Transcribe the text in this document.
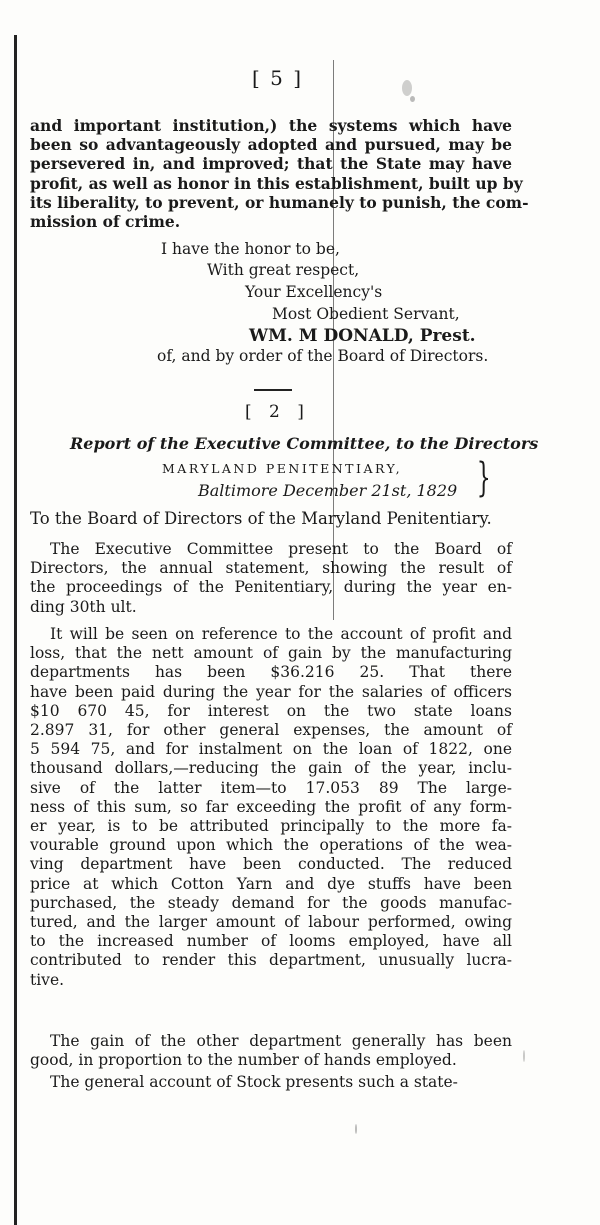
[ 5 ]
and important institution,) the systems which have
been so advantageously adopted and pursued, may be
persevered in, and improved; that the State may have
profit, as well as honor in this establishment, built up by
its liberality, to prevent, or humanely to punish, the com-
mission of crime.
I have the honor to be,
With great respect,
Your Excellency's
Most Obedient Servant,
WM. M DONALD, Prest.
of, and by order of the Board of Directors.
[ 2 ]
Report of the Executive Committee, to the Directors
MARYLAND PENITENTIARY,
Baltimore December 21st, 1829 }
To the Board of Directors of the Maryland Penitentiary.
The Executive Committee present to the Board of
Directors, the annual statement, showing the result of
the proceedings of the Penitentiary, during the year en-
ding 30th ult.
It will be seen on reference to the account of profit and
loss, that the nett amount of gain by the manufacturing
departments has been $36.216 25. That there
have been paid during the year for the salaries of officers
$10 670 45, for interest on the two state loans
2.897 31, for other general expenses, the amount of
5 594 75, and for instalment on the loan of 1822, one
thousand dollars,—reducing the gain of the year, inclu-
sive of the latter item—to 17.053 89 The large-
ness of this sum, so far exceeding the profit of any form-
er year, is to be attributed principally to the more fa-
vourable ground upon which the operations of the wea-
ving department have been conducted. The reduced
price at which Cotton Yarn and dye stuffs have been
purchased, the steady demand for the goods manufac-
tured, and the larger amount of labour performed, owing
to the increased number of looms employed, have all
contributed to render this department, unusually lucra-
tive.
The gain of the other department generally has been
good, in proportion to the number of hands employed.
The general account of Stock presents such a state-
